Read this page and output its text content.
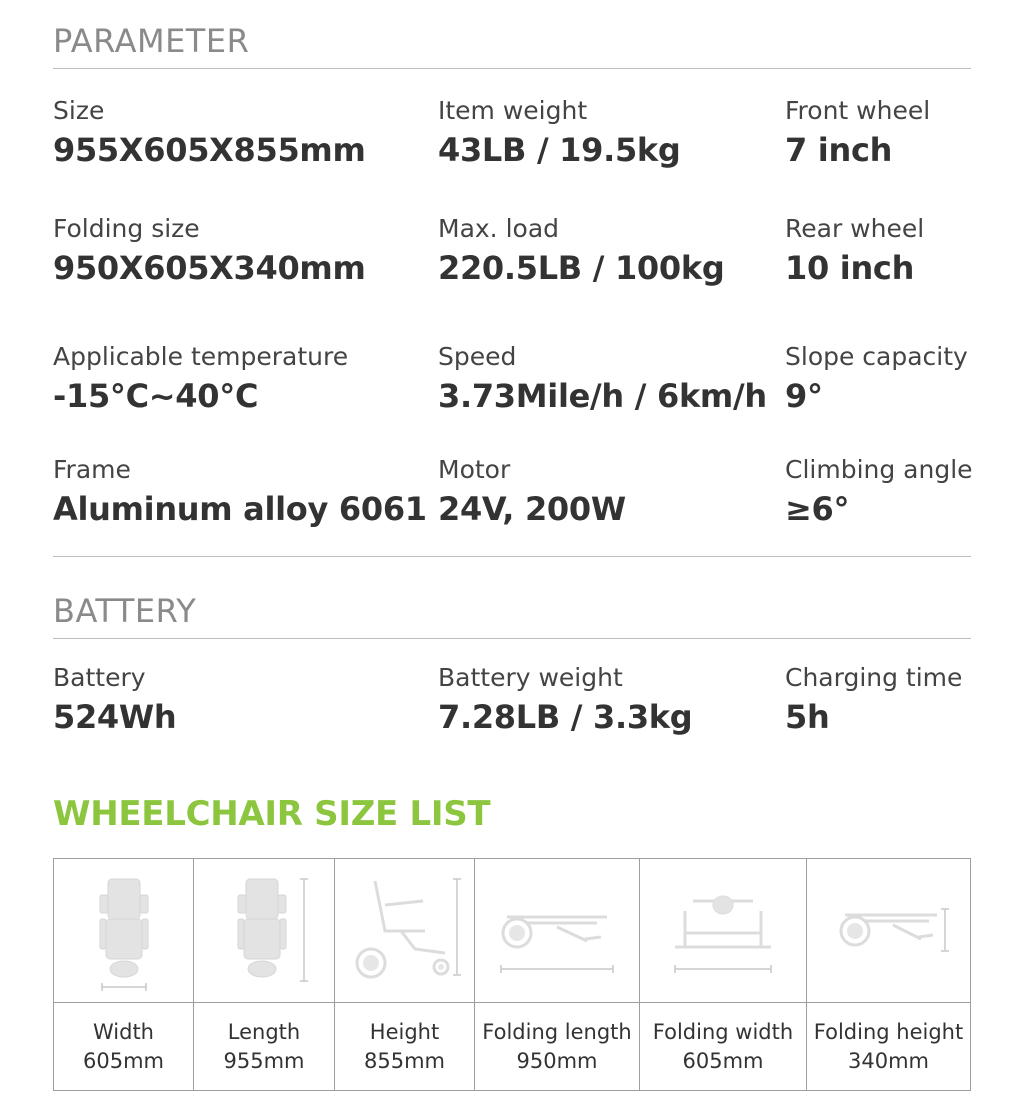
PARAMETER
Size
955X605X855mm
Item weight
43LB / 19.5kg
Front wheel
7 inch
Folding size
950X605X340mm
Max. load
220.5LB / 100kg
Rear wheel
10 inch
Applicable temperature
-15°C~40°C
Speed
3.73Mile/h / 6km/h
Slope capacity
9°
Frame
Aluminum alloy 6061
Motor
24V, 200W
Climbing angle
≥6°
BATTERY
Battery
524Wh
Battery weight
7.28LB / 3.3kg
Charging time
5h
WHEELCHAIR SIZE LIST
Width
605mm
Length
955mm
Height
855mm
Folding length
950mm
Folding width
605mm
Folding height
340mm
